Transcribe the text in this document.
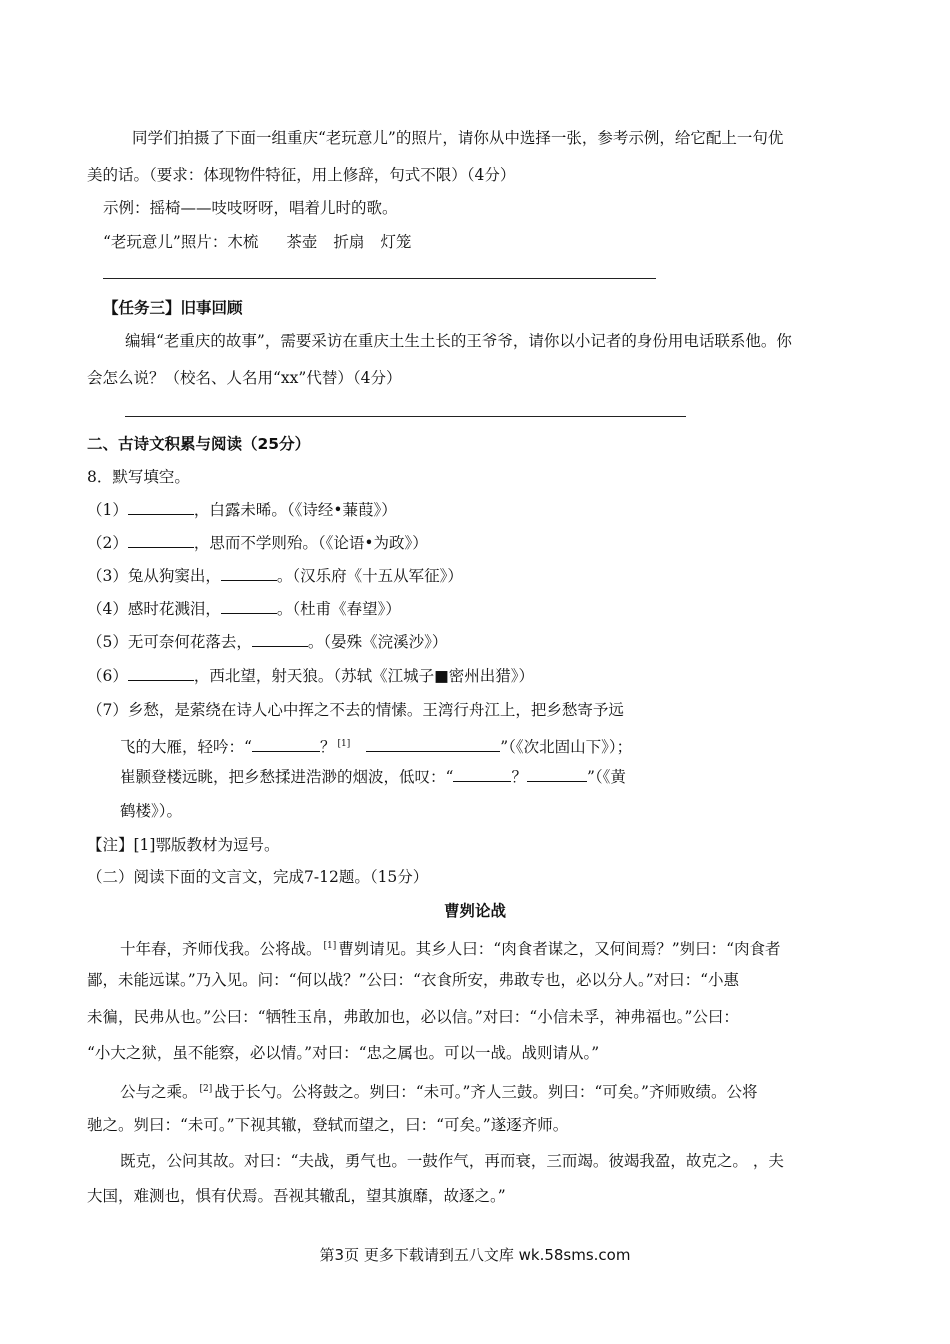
同学们拍摄了下面一组重庆“老玩意儿”的照片，请你从中选择一张，参考示例，给它配上一句优
美的话。（要求：体现物件特征，用上修辞，句式不限）（4分）
示例：摇椅——吱吱呀呀，唱着儿时的歌。
“老玩意儿”照片：木梳 茶壶 折扇 灯笼
【任务三】旧事回顾
编辑“老重庆的故事”，需要采访在重庆土生土长的王爷爷，请你以小记者的身份用电话联系他。你
会怎么说？（校名、人名用“xx”代替）（4分）
二、古诗文积累与阅读（25分）
8．默写填空。
（1）	，白露未晞。（《诗经•蒹葭》）
（2）	，思而不学则殆。（《论语•为政》）
（3）兔从狗窦出，	。（汉乐府《十五从军征》）
（4）感时花溅泪，	。（杜甫《春望》）
（5）无可奈何花落去，	。（晏殊《浣溪沙》）
（6）	，西北望，射天狼。（苏轼《江城子■密州出猎》）
（7）乡愁，是萦绕在诗人心中挥之不去的情愫。王湾行舟江上，把乡愁寄予远
飞的大雁，轻吟：“	？ [1]	”（《次北固山下》）；
崔颢登楼远眺，把乡愁揉进浩渺的烟波，低叹：“	？	”（《黄
鹤楼》）。
【注】[1]鄂版教材为逗号。
（二）阅读下面的文言文，完成7-12题。（15分）
曹刿论战
十年春，齐师伐我。公将战。 [1] 曹刿请见。其乡人曰：“肉食者谋之，又何间焉？”刿曰：“肉食者
鄙，未能远谋。”乃入见。问：“何以战？”公曰：“衣食所安，弗敢专也，必以分人。”对曰：“小惠
未徧，民弗从也。”公曰：“牺牲玉帛，弗敢加也，必以信。”对曰：“小信未孚，神弗福也。”公曰：
“小大之狱，虽不能察，必以情。”对曰：“忠之属也。可以一战。战则请从。”
公与之乘。 [2] 战于长勺。公将鼓之。刿曰：“未可。”齐人三鼓。刿曰：“可矣。”齐师败绩。公将
驰之。刿曰：“未可。”下视其辙，登轼而望之，曰：“可矣。”遂逐齐师。
既克，公问其故。对曰：“夫战，勇气也。一鼓作气，再而衰，三而竭。彼竭我盈，故克之。 ，夫
大国，难测也，惧有伏焉。吾视其辙乱，望其旗靡，故逐之。”
第3页 更多下载请到五八文库 wk.58sms.com
